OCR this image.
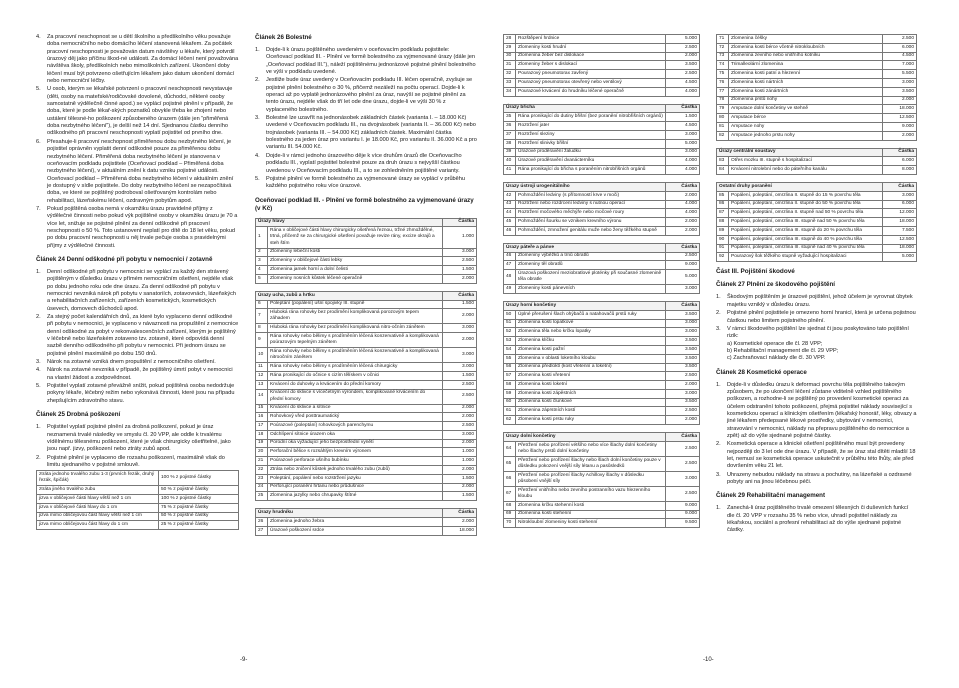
4. Za pracovní neschopnost se u dětí školního a předškolního věku považuje doba nemocničního nebo domácího léčení stanovená lékařem. Za počátek pracovní neschopnosti je považován datum návštěvy u lékaře, který potvrdil úrazový děj jako příčinu škod-né události. Za domácí léčení není považována návštěva školy, předškolních nebo mimoškolních zařízení. Ukončení doby léčení musí být potvrzeno ošetřujícím lékařem jako datum ukončení domácí nebo nemocniční léčby.
5. U osob, kterým se lékařské potvrzení o pracovní neschopnosti nevystavuje (děti, osoby na mateřské/rodičovské dovolené, důchodci, některé osoby samostatně výdělečně činné apod.) se vyplácí pojistné plnění v případě, že doba, které je podle lékař-ských poznatků obvykle třeba ke zhojení nebo ustálení tělesné-ho poškození způsobeného úrazem (dále jen “přiměřená doba nezbytného léčení”), je delší než 14 dní. Sjednanou částku denního odškodného při pracovní neschopnosti vyplatí pojistitel od prvního dne.
6. Přesahuje-li pracovní neschopnost přiměřenou dobu nezbytného léčení, je pojistitel oprávněn vyplatit denní odškodné pouze za přiměřenou dobu nezbytného léčení. Přiměřená doba nezbytného léčení je stanovena v oceňovacím podkladu pojistitele (Oceňovací podklad – Přiměřená doba nezbytného léčení), v aktuálním znění k datu vzniku pojistné události. Oceňovací podklad – Přiměřená doba nezbytného léčení v aktuálním znění je dostupný v sídle pojistitele. Do doby nezbytného léčení se nezapočítává doba, ve které se pojištěný podroboval ošetřovaným kontrolám nebo rehabilitaci, lázeňskému léčení, ozdravným pobytům apod.
7. Pokud pojištěná osoba nemá v okamžiku úrazu pravidelné příjmy z výdělečné činnosti nebo pokud výk pojištěné osoby v okamžiku úrazu je 70 a více let, snižuje se pojistné plnění za denní odškodné při pracovní neschopnosti o 50 %. Toto ustanovení neplatí pro dítě do 18 let věku, pokud po dobu pracovní neschopnosti u něj trvale pečuje osoba s pravidelnými příjmy z výdělečné činnosti.
Článek 24 Denní odškodné při pobytu v nemocnici / zotavně
1. Denní odškodné při pobytu v nemocnici se vyplácí za každý den strávený pojištěným v důsledku úrazu v přímém nemocničním ošetření, nejdéle však po dobu jednoho roku ode dne úrazu. Za denní odškodné při pobytu v nemocnici nevzniká nárok při pobytu v sanatoriích, zotavovnách, lázeňských a rehabilitačních zařízeních, zařízeních kosmetických, kosmetických úsevech, domovech důchodců apod.
2. Za stejný počet kalendářních dnů, za které bylo vyplaceno denní odškodné při pobytu v nemocnici, je vyplaceno v návaznosti na propuštění z nemocnice denní odškodné za pobyt v rekonvalescenčních zařízení, kterým je pojištěný v léčebně nebo lázeňském zotaveno tzv. zotavně, které odpovídá denní sazbě denního odškodného při pobytu v nemocnici. Při jednom úrazu se pojistné plnění maximálně po dobu 150 dnů.
3. Nárok na zotavné vzniká dnem propuštění z nemocničního ošetření.
4. Nárok na zotavné nevzniká v případě, že pojištěný úmrtí pobyt v nemocnici na vlastní žádost a zodpovědnost.
5. Pojistitel vyplatí zotavné převážně snížit, pokud pojištěná osoba nedodržuje pokyny lékaře, léčebný režim nebo vykonává činnosti, které jsou na případu zhepšujícím zdravotního stavu.
Článek 25 Drobná poškození
1. Pojistitel vyplatí pojistné plnění za drobná poškození, pokud je úraz neznamená trvalé následky ve smyslu čl. 20 VPP, ale oddle k trvalému vídělnému tělesnému poškození, které je však chirurgicky ošetřitelné, jako jsou např. jizvy, poškození nebo ztráty zubů apod.
2. Pojistné plnění je vyplaceno dle rozsahu poškození, maximálně však do limitu sjednaného v pojistné smlouvě.
ztráta jednoho trvalého zubu 1-3 (prvních řezák, druhý řezák, špičák)	100 % z pojistné částky
ztráta jiného trvalého zubu	50 % z pojistné částky
jizva v obličejové části hlavy větší než 1 cm	100 % z pojistné částky
jizva v obličejové části hlavy do 1 cm	75 % z pojistné částky
jizva mimo obličejovou část hlavy větší než 1 cm	50 % z pojistné částky
jizva mimo obličejovou část hlavy do 1 cm	25 % z pojistné částky
Článek 26 Bolestné
1. Dojde-li k úrazu pojištěného uvedeném v oceňovacím podkladu pojistitele: Oceňovací podklad III. - Plnění ve formě bolestného za vyjmenované úrazy (dále jen „Oceňovací podklad III.“), náleží pojištěnému jednorázové pojistné plnění bolestného ve výši v podkladu uvedené.
2. Jestliže bude úraz uvedený v Oceňovacím podkladu III. léčen operačně, zvyšuje se pojistné plnění bolestného o 30 %, přičemž nezáleží na počtu operací. Dojde-li k operaci až po vyplatě jednorázového plnění za úraz, navýší se pojistné plnění za tento úrazu, nejdéle však do tří let ode dne úrazu, dojde-li ve výši 30 % z vyplaceného bolestného.
3. Bolestné lze uzavřít na jednonásobek základních částek (varianta I. – 18.000 Kč) uvedené v Oceňovacím podkladu III., na dvojnásobek (varianta II. – 36.000 Kč) nebo trojnásobek (varianta III. – 54.000 Kč) základních částek. Maximální částka bolestného za jeden úraz pro variantu I. je 18.000 Kč, pro variantu II. 36.000 Kč a pro variantu III. 54.000 Kč.
4. Dojde-li v rámci jednoho úrazového děje k více druhům úrazů dle Oceňovacího podkladu III., vyplatí pojistitel bolestné pouze za druh úrazu s nejvyšší částkou uvedenou v Oceňovacím podkladu III., a to se zohledněním pojištěné varianty.
5. Pojistné plnění ve formě bolestného za vyjmenované úrazy se vyplácí v průběhu každého pojistného roku více úrazové.
Oceňovací podklad III. - Plnění ve formě bolestného za vyjmenované úrazy (v Kč)
Úrazy hlavy		Částka
1	Rána v obličejové části hlavy chirurgicky ošetřená řeznou, tržné zhmoždělné, trtná, přičemž se za chirurgické ošetření považuje revize rány, excize okrajů a steh štím	1.000
2	Zlomeniny lebeční kosti	3.000
3	Zlomeniny v obličejové části lebky	2.500
4	Zlomenina jamek horní a dolní čelisti	1.500
5	Zlomeniny nosních kůstek léčené operačně	2.000
Úrazy ucha, zubů a hrtku		Částka
6	Poleptání (popálení) ušní spojivky III. stupně	1.500
7	Hluboká rána rohovky bez prodírnění komplikovaná porozovým tepem záhadem	2.000
8	Hluboká rána rohovky bez prodírnění komplikovaná nitro-očním zánětem	3.000
9	Rána rohovky nebo bělimy s prodírněním léčená konzervativně a komplikovaná poúrazovým tepelným zánětem	2.000
10	Rána rohovky nebo bělimy s prodírněním léčená konzervativně a komplikovaná nitroočním zánětem	3.000
11	Rána rohovky nebo bělimy s prodírněním léčená chirurgicky	3.000
12	Rána pronikající do očnice s cizím tělískem v očnici	1.500
13	Krvácení do duhovky a krvácením do přední komory	2.500
14	Krvácení do sklivce s vícečetným výrondem, komplikované krvácením do přední komory	2.500
15	Krvácení do sklivce a sítnice	2.000
16	Rohovkový vřed posttraumatický	2.000
17	Poúrazové (poleptání) rohovkových parenchymu	2.500
18	Odchlípení sítnice úrazem oka	3.000
19	Porodní oka vyžadující jeho bezprostřední vynětí	2.000
20	Perforační bělice s rozsáhlým krevním výronem	1.000
21	Poúrazové perforace ušního bubínku	1.000
22	Ztráta nebo zničení kůstek jednoho trvalého zubu (zubů)	2.000
23	Poleptání, popálení nebo rozstržení jazyku	1.500
24	Perforující poranění hrtanu nebo průdušnice	2.000
25	Zlomenina jazylky nebo chrupavky štítné	1.500
Úrazy hrudníku		Částka
26	Zlomenina jednoho žebra	2.000
27	Úrazové poškození srdce	18.000
28	Rozštěpení hrdnice	5.000
29	Zlomeniny kosti hrudní	2.500
30	Zlomenina žeber bez dislokace	2.000
31	Zlomeniny žeber s dislokací	3.500
32	Pourazový pneumotorax zavřený	2.500
33	Pourazový pneumotorax otevřený nebo ventilový	4.500
34	Pourazové krvácení do hrudníku léčené operačně	4.000
Úrazy břicha		Částka
35	Rána pronikající do dutiny břišní (bez poranění nitrobřišních orgánů)	1.500
36	Roztržení jater	4.500
37	Roztržení sleziny	3.000
38	Roztržení slinivky břišní	5.000
39	Úrazové proděravění žaludku	3.000
40	Úrazové proděravění dvanácterníku	4.000
41	Rána pronikající do břicha s poraněním nitrobřišních orgánů	4.000
Úrazy ústrojí urogenitálního		Částka
42	Pohmoždění ledviny (s přítomností krve v moči)	2.000
43	Roztržení nebo rozdrcení ledviny s nutnou operací	4.000
44	Roztržení močového měchýře nebo močové roury	4.000
45	Pohmoždění šourku se vznikem krevního výronu	2.000
46	Pohmoždění, zmnožení genitálu muže nebo ženy těžkého stupně	2.000
Úrazy páteře a pánve		Částka
46	Zlomeniny výběžků a trnů obratlů	2.500
47	Zlomeniny těl obratlů	9.000
48	Úrazová poškození meziobratlové ploténky při současné zlomenině těla obratle	5.000
49	Zlomeniny kosti pánevních	3.000
Úrazy horní končetiny		Částka
50	Úplné přerušení šlach ohýbačů a natahovačů prstů ruky	3.500
51	Zlomenina kosti lopatkové	3.000
52	Zlomenina těla nebo krčku lopatky	3.000
53	Zlomenina klíčku	3.500
54	Zlomenina kosti pažní	3.500
55	Zlomenina v oblasti loketního kloubu	3.500
56	Zlomenina předloktí (kost vřetenní a loketní)	3.500
57	Zlomenina kosti vřetenní	2.500
58	Zlomenina kosti loketní	2.000
59	Zlomenina kosti zápěstních	3.000
60	Zlomenina kosti člunkové	3.500
61	Zlomenina záprstních kostí	2.500
62	Zlomenina kosti prstu ruky	2.000
Úrazy dolní končetiny		Částka
64	Přetržení nebo prořízení vétšího nebo více šlachy dolní končetiny nebo šlachy prstů dolní končetiny	2.500
65	Přetržení nebo prořízení šlachy nebo šlach dolní končetiny pouze v důsledku pokození vnější síly létanu a pasůsledků	2.500
66	Přetržení nebo prořízení šlachy Achillovy šlachy v důsledku působení vnější síly	3.000
67	Přetržení vnitřního nebo zevního postranního vazu hlezenního kloubu	2.500
68	Zlomenina krčku stehenní kosti	9.000
69	Zlomenina kosti stehenní	9.000
70	Nitrokloubní zlomeniny kosti stehenní	9.500
71	Zlomenina čéšky	2.500
72	Zlomenina kosti bérce včetně nitrokloubních	6.000
73	Zlomenina zevního nebo vnitřního kotníku	4.500
74	Trimalleolární zlomenina	7.000
75	Zlomenina kosti patní a hlezenní	5.500
76	Zlomenina kosti nártních	3.000
77	Zlomenina kosti zánártních	3.500
78	Zlomenina prstů nohy	2.000
79	Amputace dolní končetiny ve stehně	18.000
80	Amputace bérce	12.500
81	Amputace nohy	9.000
82	Amputace jednoho prstu nohy	2.000
Úrazy centrální soustavy		Částka
83	Otřes mozku III. stupně s hospitalizací	6.000
84	Krvácení nitrolební nebo do páteřního kanálu	8.000
Ostatní druhy poranění		Částka
85	Popálení, poleptání, omrzlina II. stupně do 15 % povrchu těla	3.000
86	Popálení, poleptání, omrzlina II. stupně do 50 % povrchu těla	6.000
87	Popálení, poleptání, omrzlina II. stupně nad 50 % povrchu těla	12.000
88	Popálení, poleptání, omrzlina III. stupně nad 50 % povrchu těla	18.000
89	Popálení, poleptání, omrzlina III. stupně do 20 % povrchu těla	7.500
90	Popálení, poleptání, omrzlina III. stupně do 40 % povrchu těla	12.500
91	Popálení, poleptání, omrzlina III. stupně nad 40 % povrchu těla	18.000
92	Pourazový šok těžkého stupně vyžadující hospitalizaci	5.000
Část III. Pojištění škodové
Článek 27 Plnění ze škodového pojištění
1. Škodovým pojištěním je úrazové pojištění, jehož účelem je vyrovnat úbytek majetku vzniklý v důsledku úrazu.
2. Pojistné plnění pojistitele je omezeno horní hranicí, která je určena pojistnou částkou nebo limitem pojistného plnění.
3. V rámci škodového pojištění lze sjednat či jsou poskytováno tato pojištění rizik:
a) Kosmetické operace dle čl. 28 VPP;
b) Rehabilitační management dle čl. 29 VPP;
c) Zachraňovací náklady dle čl. 30 VPP.
Článek 28 Kosmetické operace
1. Dojde-li v důsledku úrazu k deformaci povrchu těla pojištěného takovým způsobem, že po ukončení léčení zůstane viditelně vzhled pojištěného poškozen, a rozhodne-li se pojištěný po provedení kosmetické operaci za účelem odstranění tohoto poškození, přejmá pojistitel náklady související s kosmetickou operací a klinickým ošetřením (lékařský honorář, léky, obvazy a jiné lékařem předepsané lékové prostředky, ubytování v nemocnici, stravování v nemocnici, náklady na přepravu pojištěného do nemocnice a zpět) až do výše sjednané pojistné částky.
2. Kosmetická operace a klinické ošetření pojištěného musí být provedeny nejpozději do 3 let ode dne úrazu. V případě, že se úraz stal dítěti mladší 18 let, nemusí se kosmetická operace uskutečnit v průběhu této lhůty, ale před dovršením věku 21 let.
3. Uhrazeny nebudou náklady na stravu a pochutiny, na lázeňské a ozdravné pobyty ani na jinou léčebnou péči.
Článek 29 Rehabilitační management
1. Zanechá-li úraz pojištěného trvalé omezení tělesných či duševních funkcí dle čl. 20 VPP v rozsahu 35 % nebo více, uhradí pojistitel náklady za lékařskou, sociální a profesní rehabilitaci až do výše sjednané pojistné částky.
-9-	-10-
